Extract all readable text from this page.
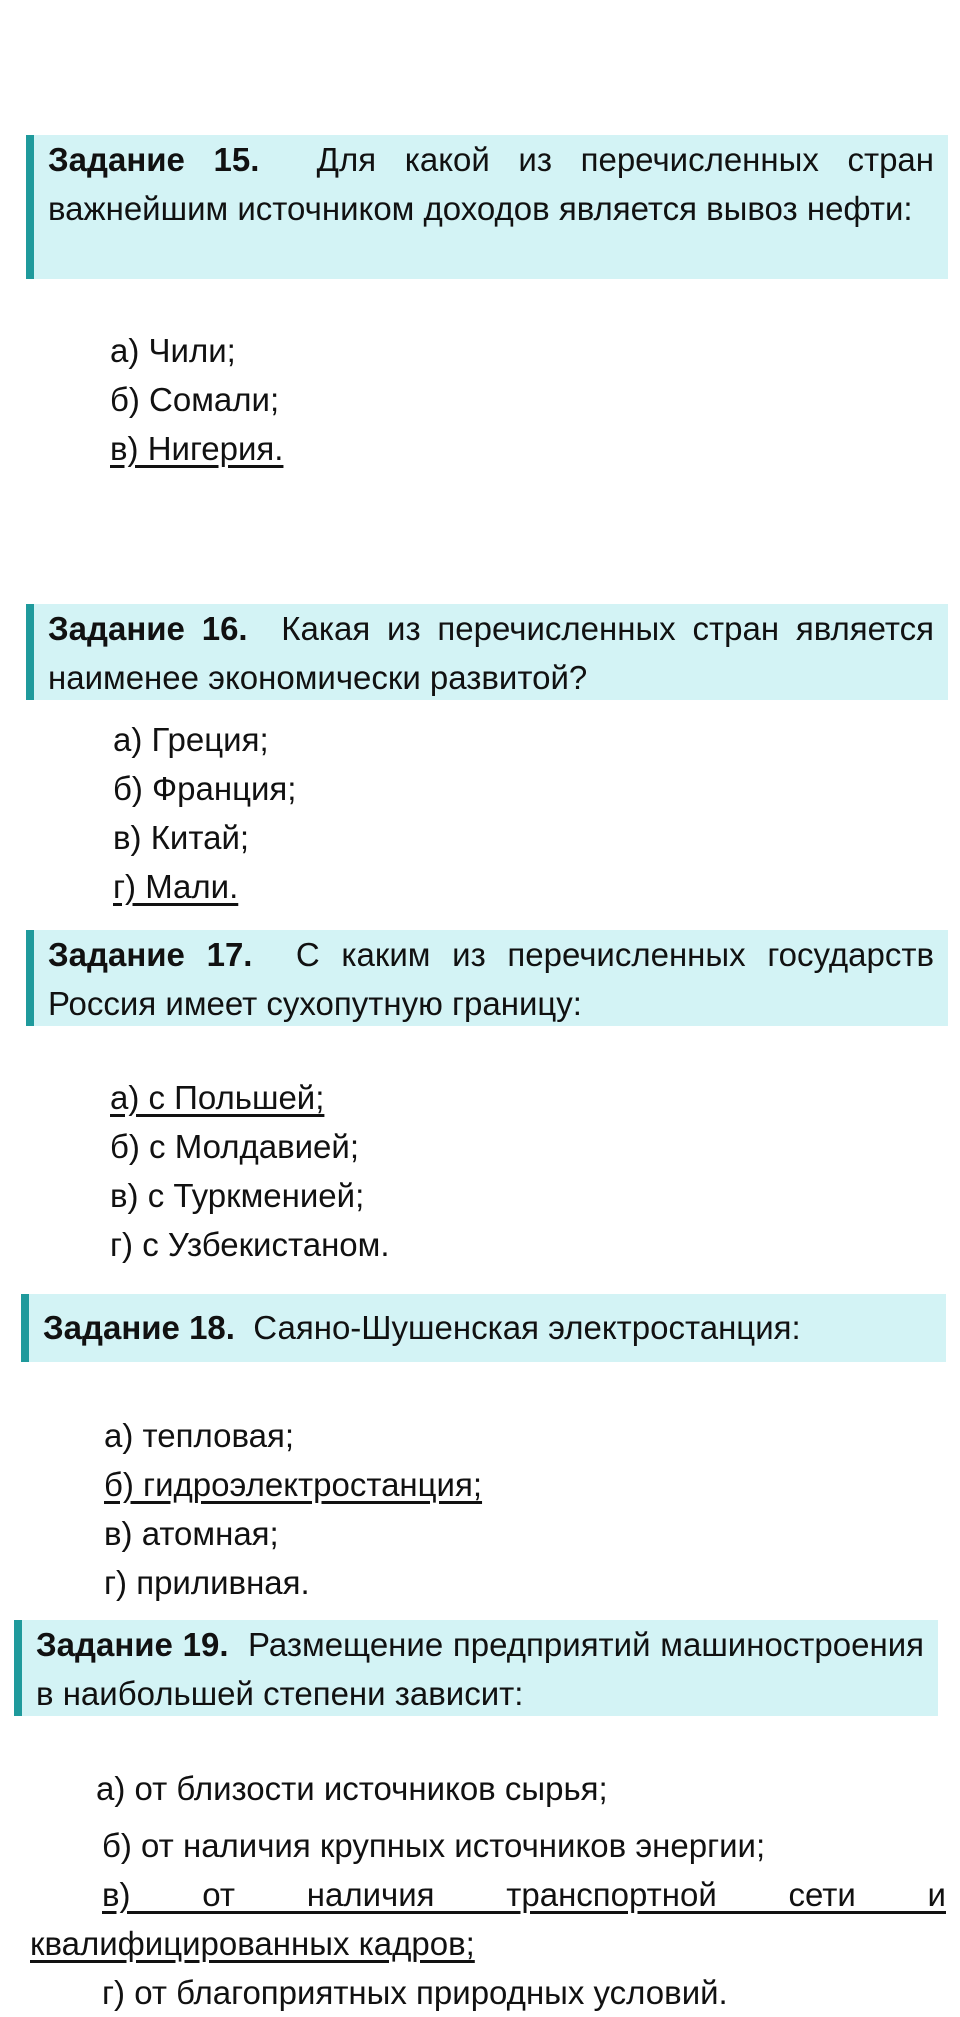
Задание 15. Для какой из перечисленных стран важнейшим источником доходов является вывоз нефти:
а) Чили;
б) Сомали;
в) Нигерия.
Задание 16. Какая из перечисленных стран является наименее экономически развитой?
а) Греция;
б) Франция;
в) Китай;
г) Мали.
Задание 17. С каким из перечисленных государств Россия имеет сухопутную границу:
а) с Польшей;
б) с Молдавией;
в) с Туркменией;
г) с Узбекистаном.
Задание 18. Саяно-Шушенская электростанция:
а) тепловая;
б) гидроэлектростанция;
в) атомная;
г) приливная.
Задание 19. Размещение предприятий машиностроения в наибольшей степени зависит:
а) от близости источников сырья;
б) от наличия крупных источников энергии;
в) от наличия транспортной сети и
квалифицированных кадров;
г) от благоприятных природных условий.
